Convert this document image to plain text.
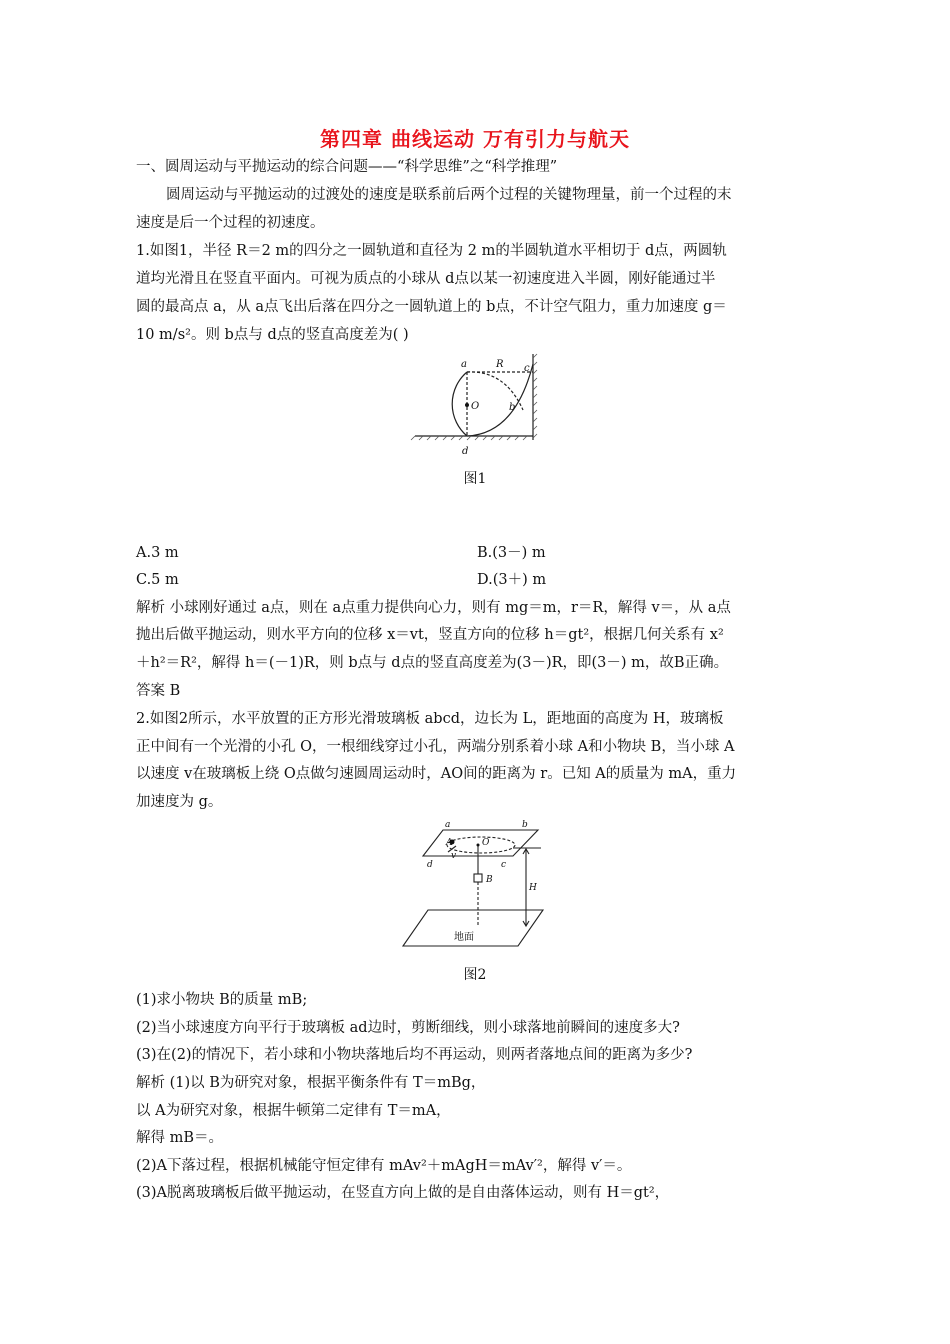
第四章 曲线运动 万有引力与航天
一、圆周运动与平抛运动的综合问题——“科学思维”之“科学推理”
圆周运动与平抛运动的过渡处的速度是联系前后两个过程的关键物理量，前一个过程的末
速度是后一个过程的初速度。
1.如图1，半径 R＝2 m的四分之一圆轨道和直径为 2 m的半圆轨道水平相切于 d点，两圆轨
道均光滑且在竖直平面内。可视为质点的小球从 d点以某一初速度进入半圆，刚好能通过半
圆的最高点 a，从 a点飞出后落在四分之一圆轨道上的 b点，不计空气阻力，重力加速度 g＝
10 m/s²。则 b点与 d点的竖直高度差为( )
a	R c
O	b
d
图1
A.3 m	B.(3－) m
C.5 m	D.(3＋) m
解析 小球刚好通过 a点，则在 a点重力提供向心力，则有 mg＝m，r＝R，解得 v＝，从 a点
抛出后做平抛运动，则水平方向的位移 x＝vt，竖直方向的位移 h＝gt²，根据几何关系有 x²
＋h²＝R²，解得 h＝(－1)R，则 b点与 d点的竖直高度差为(3－)R，即(3－) m，故B正确。
答案 B
2.如图2所示，水平放置的正方形光滑玻璃板 abcd，边长为 L，距地面的高度为 H，玻璃板
正中间有一个光滑的小孔 O，一根细线穿过小孔，两端分别系着小球 A和小物块 B，当小球 A
以速度 v在玻璃板上绕 O点做匀速圆周运动时，AO间的距离为 r。已知 A的质量为 mA，重力
加速度为 g。
a	b
c
d
A
v
O
B
H
地面
图2
(1)求小物块 B的质量 mB;
(2)当小球速度方向平行于玻璃板 ad边时，剪断细线，则小球落地前瞬间的速度多大?
(3)在(2)的情况下，若小球和小物块落地后均不再运动，则两者落地点间的距离为多少?
解析 (1)以 B为研究对象，根据平衡条件有 T＝mBg，
以 A为研究对象，根据牛顿第二定律有 T＝mA，
解得 mB＝。
(2)A下落过程，根据机械能守恒定律有 mAv²＋mAgH＝mAv′²，解得 v′＝。
(3)A脱离玻璃板后做平抛运动，在竖直方向上做的是自由落体运动，则有 H＝gt²，
